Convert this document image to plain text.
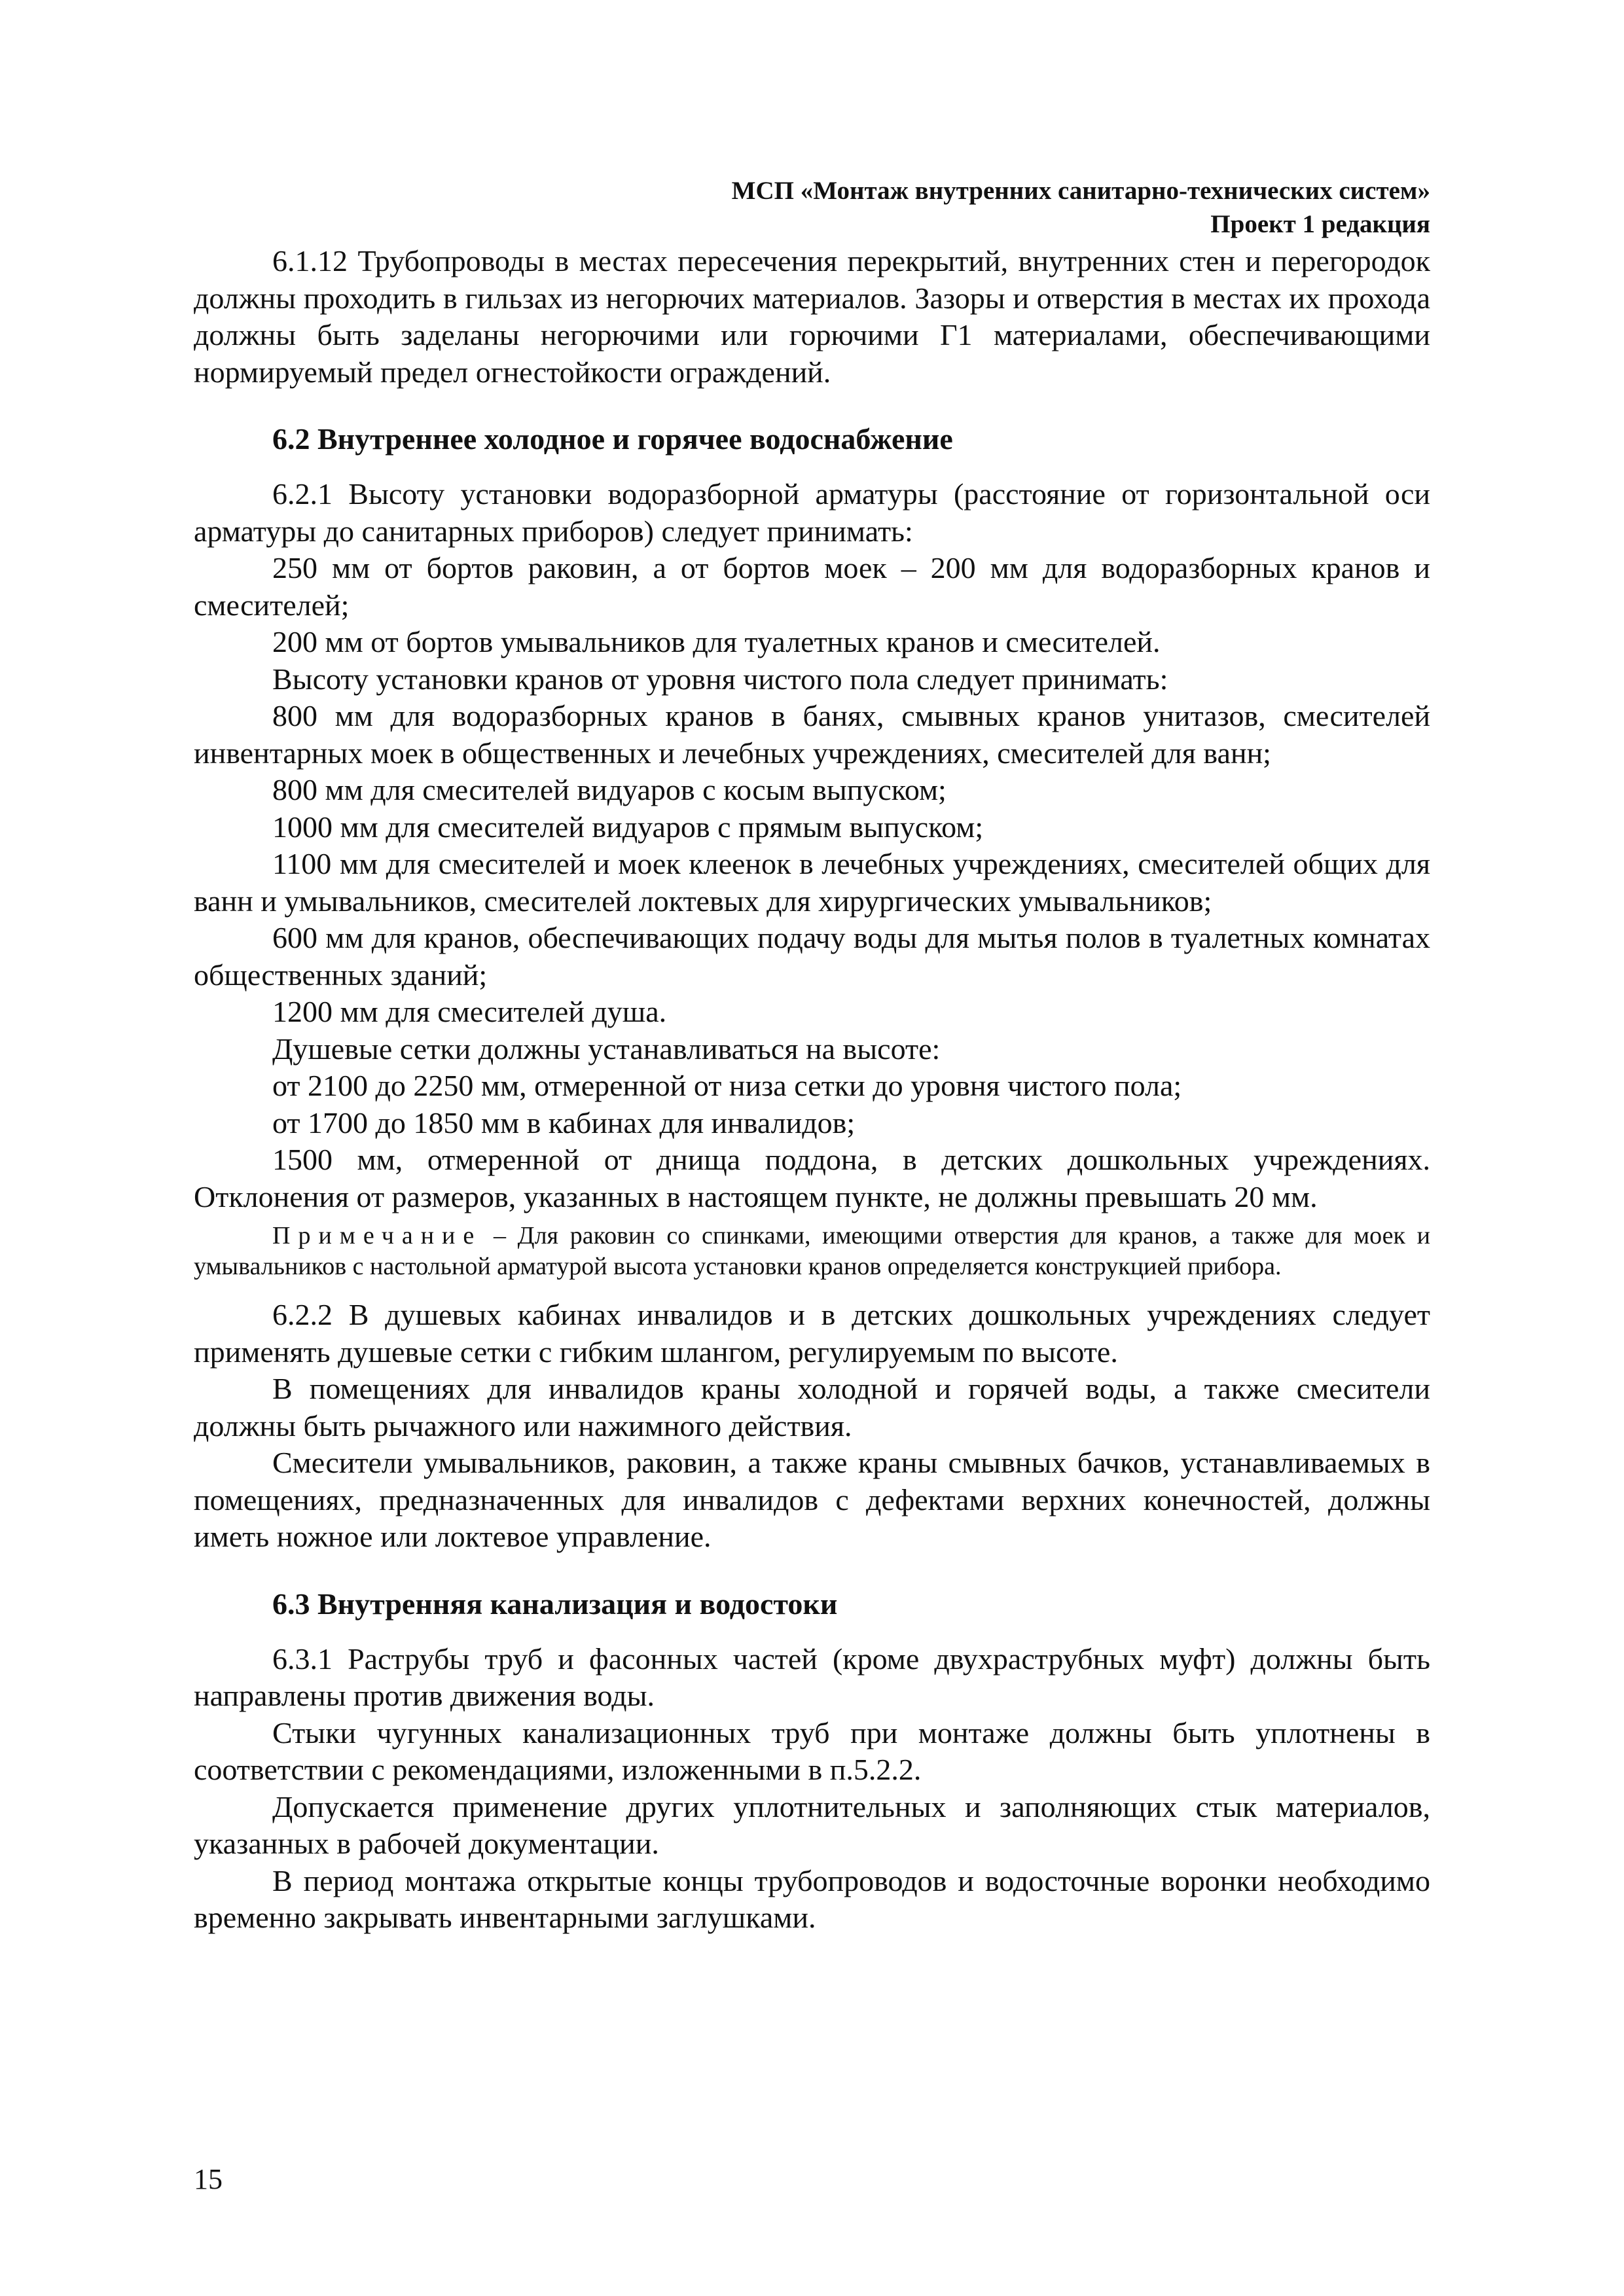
МСП «Монтаж внутренних санитарно-технических систем»
Проект 1 редакция

6.1.12 Трубопроводы в местах пересечения перекрытий, внутренних стен и перегородок должны проходить в гильзах из негорючих материалов. Зазоры и отверстия в местах их прохода должны быть заделаны негорючими или горючими Г1 материалами, обеспечивающими нормируемый предел огнестойкости ограждений.

6.2 Внутреннее холодное и горячее водоснабжение

6.2.1 Высоту установки водоразборной арматуры (расстояние от горизонтальной оси арматуры до санитарных приборов) следует принимать:

250 мм от бортов раковин, а от бортов моек – 200 мм для водоразборных кранов и смесителей;

200 мм от бортов умывальников для туалетных кранов и смесителей.

Высоту установки кранов от уровня чистого пола следует принимать:

800 мм для водоразборных кранов в банях, смывных кранов унитазов, смесителей инвентарных моек в общественных и лечебных учреждениях, смесителей для ванн;

800 мм для смесителей видуаров с косым выпуском;

1000 мм для смесителей видуаров с прямым выпуском;

1100 мм для смесителей и моек клеенок в лечебных учреждениях, смесителей общих для ванн и умывальников, смесителей локтевых для хирургических умывальников;

600 мм для кранов, обеспечивающих подачу воды для мытья полов в туалетных комнатах общественных зданий;

1200 мм для смесителей душа.

Душевые сетки должны устанавливаться на высоте:

от 2100 до 2250 мм, отмеренной от низа сетки до уровня чистого пола;

от 1700 до 1850 мм в кабинах для инвалидов;

1500 мм, отмеренной от днища поддона, в детских дошкольных учреждениях. Отклонения от размеров, указанных в настоящем пункте, не должны превышать 20 мм.

Примечание – Для раковин со спинками, имеющими отверстия для кранов, а также для моек и умывальников с настольной арматурой высота установки кранов определяется конструкцией прибора.

6.2.2 В душевых кабинах инвалидов и в детских дошкольных учреждениях следует применять душевые сетки с гибким шлангом, регулируемым по высоте.

В помещениях для инвалидов краны холодной и горячей воды, а также смесители должны быть рычажного или нажимного действия.

Смесители умывальников, раковин, а также краны смывных бачков, устанавливаемых в помещениях, предназначенных для инвалидов с дефектами верхних конечностей, должны иметь ножное или локтевое управление.

6.3 Внутренняя канализация и водостоки

6.3.1 Раструбы труб и фасонных частей (кроме двухраструбных муфт) должны быть направлены против движения воды.

Стыки чугунных канализационных труб при монтаже должны быть уплотнены в соответствии с рекомендациями, изложенными в п.5.2.2.

Допускается применение других уплотнительных и заполняющих стык материалов, указанных в рабочей документации.

В период монтажа открытые концы трубопроводов и водосточные воронки необходимо временно закрывать инвентарными заглушками.

15
